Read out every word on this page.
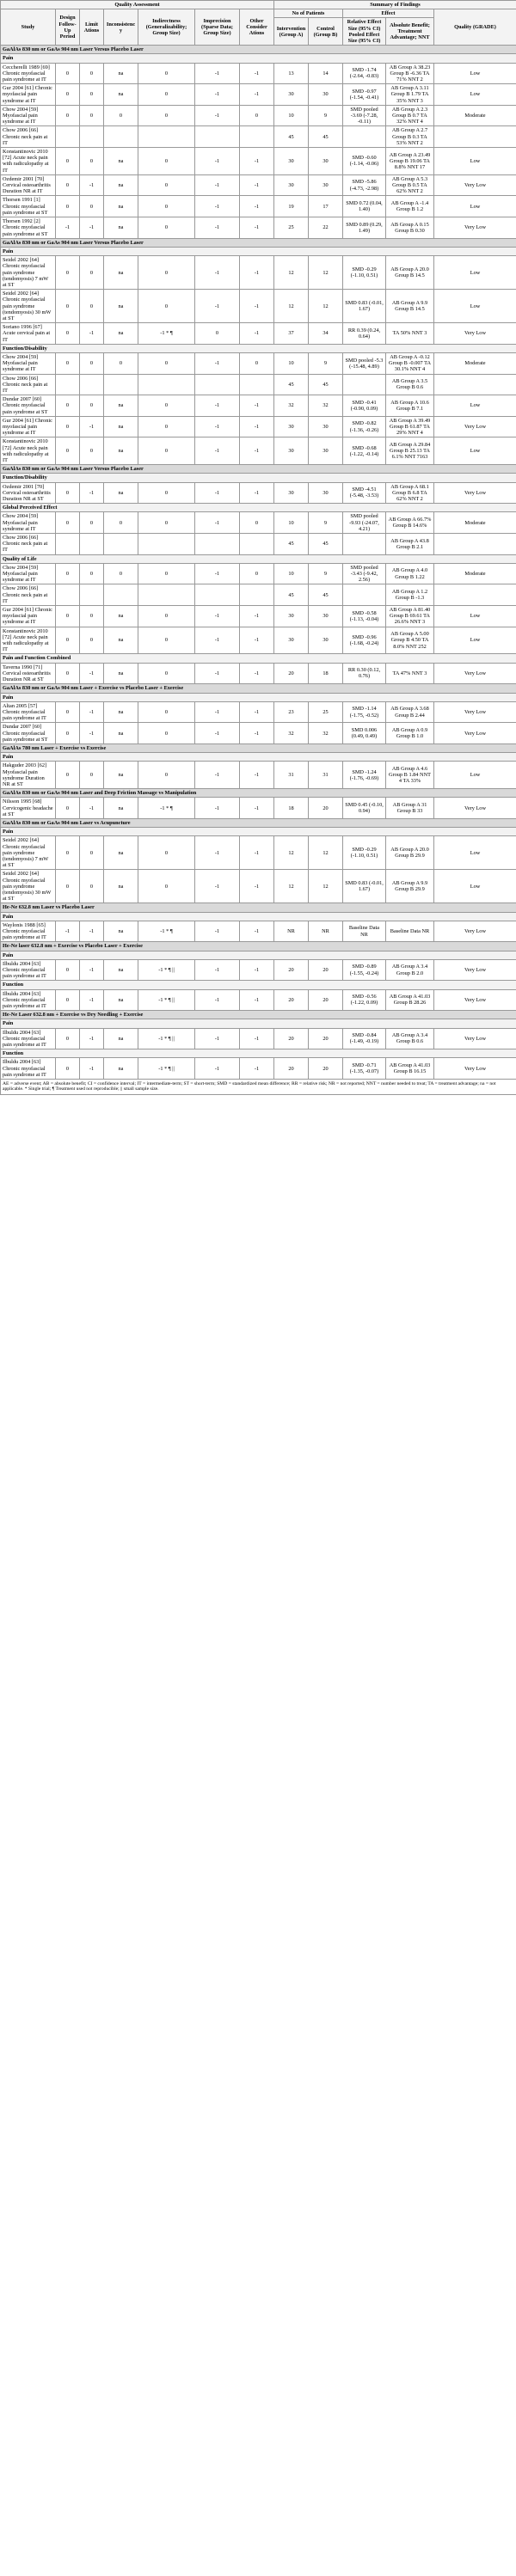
Quality Assessment							Summary of Findings				
Study	Design Follow-Up Period	Limit Ations	Inconsistency	Indirectness (Generalizability; Group Size)	Imprecision (Sparse Data; Group Size)	Other Consider Ations	No of Patients		Effect		Quality (GRADE)
							Intervention (Group A)	Control (Group B)	Relative Effect Size (95% CI) Pooled Effect Size (95% CI)	Absolute Benefit; Treatment Advantage; NNT	
GaAlAs 830 nm or GaAs 904 nm Laser Versus Placebo Laser											
Pain											
Ceccherelli 1989 [69] Chronic myofascial pain syndrome at IT	0	0	na	0	-1	-1	13	14	SMD -1.74 (-2.64, -0.83)	AB Group A 38.23 Group B -6.36 TA 71% NNT 2	Low
Gur 2004 [61] Chronic myofascial pain syndrome at IT	0	0	na	0	-1	-1	30	30	SMD -0.97 (-1.54, -0.41)	AB Group A 3.11 Group B 1.79 TA 35% NNT 3	Low
Chow 2004 [59] Myofascial pain syndrome at IT	0	0	0	0	-1	0	10	9	SMD pooled -3.69 (-7.28, -0.11)	AB Group A 2.3 Group B 0.7 TA 32% NNT 4	Moderate
Chow 2006 [66] Chronic neck pain at IT							45	45		AB Group A 2.7 Group B 0.3 TA 53% NNT 2	
Konstantinovic 2010 [72] Acute neck pain with radiculopathy at IT	0	0	na	0	-1	-1	30	30	SMD -0.60 (-1.14, -0.06)	AB Group A 23.49 Group B 19.06 TA 8.8% NNT 17	Low
Ozdemir 2001 [70] Cervical osteoarthritis Duration NR at IT	0	-1	na	0	-1	-1	30	30	SMD -5.86 (-4.73, -2.98)	AB Group A 5.3 Group B 0.5 TA 62% NNT 2	Very Low
Thorsen 1991 [1] Chronic myofascial pain syndrome at ST	0	0	na	0	-1	-1	19	17	SMD 0.72 (0.04, 1.40)	AB Group A -1.4 Group B 1.2	Low
Thorsen 1992 [2] Chronic myofascial pain syndrome at ST	-1	-1	na	0	-1	-1	25	22	SMD 0.89 (0.29, 1.49)	AB Group A 0.15 Group B 0.30	Very Low
GaAlAs 830 nm or GaAs 904 nm Laser Versus Placebo Laser											
Pain											
Seidel 2002 [64] Chronic myofascial pain syndrome (tendomyosis) 7 mW at ST	0	0	na	0	-1	-1	12	12	SMD -0.29 (-1.10, 0.51)	AB Group A 20.0 Group B 14.5	Low
Seidel 2002 [64] Chronic myofascial pain syndrome (tendomyosis) 30 mW at ST	0	0	na	0	-1	-1	12	12	SMD 0.83 (-0.01, 1.67)	AB Group A 9.9 Group B 14.5	Low
Soriano 1996 [67] Acute cervical pain at IT	0	-1	na	-1 * ¶	0	-1	37	34	RR 0.39 (0.24, 0.64)	TA 50% NNT 3	Very Low
Function/Disability											
Chow 2004 [59] Myofascial pain syndrome at IT	0	0	0	0	-1	0	10	9	SMD pooled -5.3 (-15.48, 4.89)	AB Group A -0.12 Group B -0.007 TA 30.1% NNT 4	Moderate
Chow 2006 [66] Chronic neck pain at IT							45	45		AB Group A 3.5 Group B 0.6	
Dundar 2007 [60] Chronic myofascial pain syndrome at ST	0	0	na	0	-1	-1	32	32	SMD -0.41 (-0.90, 0.09)	AB Group A 10.6 Group B 7.1	Low
Gur 2004 [61] Chronic myofascial pain syndrome at IT	0	-1	na	0	-1	-1	30	30	SMD -0.82 (-1.36, -0.26)	AB Group A 39.49 Group B 61.87 TA 29% NNT 4	Very Low
Konstantinovic 2010 [72] Acute neck pain with radiculopathy at IT	0	0	na	0	-1	-1	30	30	SMD -0.68 (-1.22, -0.14)	AB Group A 29.84 Group B 25.13 TA 6.1% NNT 7163	Low
GaAlAs 830 nm or GaAs 904 nm Laser Versus Placebo Laser											
Function/Disability											
Ozdemir 2001 [70] Cervical osteoarthritis Duration NR at ST	0	-1	na	0	-1	-1	30	30	SMD -4.51 (-5.48, -3.53)	AB Group A 68.1 Group B 6.8 TA 62% NNT 2	Very Low
Global Perceived Effect											
Chow 2004 [59] Myofascial pain syndrome at IT	0	0	0	0	-1	0	10	9	SMD pooled -9.93 (-24.07, 4.21)	AB Group A 66.7% Group B 14.6%	Moderate
Chow 2006 [66] Chronic neck pain at IT							45	45		AB Group A 43.8 Group B 2.1	
Quality of Life											
Chow 2004 [59] Myofascial pain syndrome at IT	0	0	0	0	-1	0	10	9	SMD pooled -3.43 (-9.42, 2.56)	AB Group A 4.0 Group B 1.22	Moderate
Chow 2006 [66] Chronic neck pain at IT							45	45		AB Group A 1.2 Group B -1.3	
Gur 2004 [61] Chronic myofascial pain syndrome at IT	0	0	na	0	-1	-1	30	30	SMD -0.58 (-1.13, -0.04)	AB Group A 81.40 Group B 69.61 TA 26.6% NNT 3	Low
Konstantinovic 2010 [72] Acute neck pain with radiculopathy at IT	0	0	na	0	-1	-1	30	30	SMD -0.96 (-1.68, -0.24)	AB Group A 5.00 Group B 4.50 TA 8.0% NNT 252	Low
Pain and Function Combined											
Taverna 1990 [71] Cervical osteoarthritis Duration NR at ST	0	-1	na	0	-1	-1	20	18	RR 0.30 (0.12, 0.76)	TA 47% NNT 3	Very Low
GaAlAs 830 nm or GaAs 904 nm Laser + Exercise vs Placebo Laser + Exercise											
Pain											
Altan 2005 [57] Chronic myofascial pain syndrome at IT	0	-1	na	0	-1	-1	23	25	SMD -1.14 (-1.75, -0.52)	AB Group A 3.68 Group B 2.44	Very Low
Dundar 2007 [60] Chronic myofascial pain syndrome at ST	0	-1	na	0	-1	-1	32	32	SMD 0.006 (0.49, 0.49)	AB Group A 0.9 Group B 1.0	Very Low
GaAlAs 780 nm Laser + Exercise vs Exercise											
Pain											
Hakguder 2003 [62] Myofascial pain syndrome Duration NR at ST	0	0	na	0	-1	-1	31	31	SMD -1.24 (-1.76, -0.69)	AB Group A 4.6 Group B 1.84 NNT 4 TA 33%	Low
GaAlAs 830 nm or GaAs 904 nm Laser and Deep Friction Massage vs Manipulation											
Nilsson 1995 [68] Cervicogenic headache at ST	0	-1	na	-1 * ¶	-1	-1	18	20	SMD 0.45 (-0.10, 0.94)	AB Group A 31 Group B 33	Very Low
GaAlAs 830 nm or GaAs 904 nm Laser vs Acupuncture											
Pain											
Seidel 2002 [64] Chronic myofascial pain syndrome (tendomyosis) 7 mW at ST	0	0	na	0	-1	-1	12	12	SMD -0.29 (-1.10, 0.51)	AB Group A 20.0 Group B 29.9	Low
Seidel 2002 [64] Chronic myofascial pain syndrome (tendomyosis) 30 mW at ST	0	0	na	0	-1	-1	12	12	SMD 0.83 (-0.01, 1.67)	AB Group A 9.9 Group B 29.9	Low
He-Ne 632.8 nm Laser vs Placebo Laser											
Pain											
Waylonis 1988 [65] Chronic myofascial pain syndrome at IT	-1	-1	na	-1 * ¶	-1	-1	NR	NR	Baseline Data NR	Baseline Data NR	Very Low
He-Ne laser 632.8 nm + Exercise vs Placebo Laser + Exercise											
Pain											
Ilbuldu 2004 [63] Chronic myofascial pain syndrome at IT	0	-1	na	-1 * ¶ ||	-1	-1	20	20	SMD -0.89 (-1.55, -0.24)	AB Group A 3.4 Group B 2.0	Very Low
Function											
Ilbuldu 2004 [63] Chronic myofascial pain syndrome at IT	0	-1	na	-1 * ¶ ||	-1	-1	20	20	SMD -0.56 (-1.22, 0.09)	AB Group A 41.03 Group B 28.26	Very Low
He-Ne Laser 632.8 nm + Exercise vs Dry Needling + Exercise											
Pain											
Ilbuldu 2004 [63] Chronic myofascial pain syndrome at IT	0	-1	na	-1 * ¶ ||	-1	-1	20	20	SMD -0.84 (-1.49, -0.19)	AB Group A 3.4 Group B 0.6	Very Low
Function											
Ilbuldu 2004 [63] Chronic myofascial pain syndrome at IT	0	-1	na	-1 * ¶ ||	-1	-1	20	20	SMD -0.71 (-1.35, -0.07)	AB Group A 41.03 Group B 16.15	Very Low
AE = adverse event; AB = absolute benefit; CI = confidence interval; IT = intermediate-term; ST = short-term; SMD = standardized mean difference; RR = relative risk; NR = not reported; NNT = number needed to treat; TA = treatment advantage; na = not applicable. * Single trial; ¶ Treatment used not reproducible; || small sample size.											
